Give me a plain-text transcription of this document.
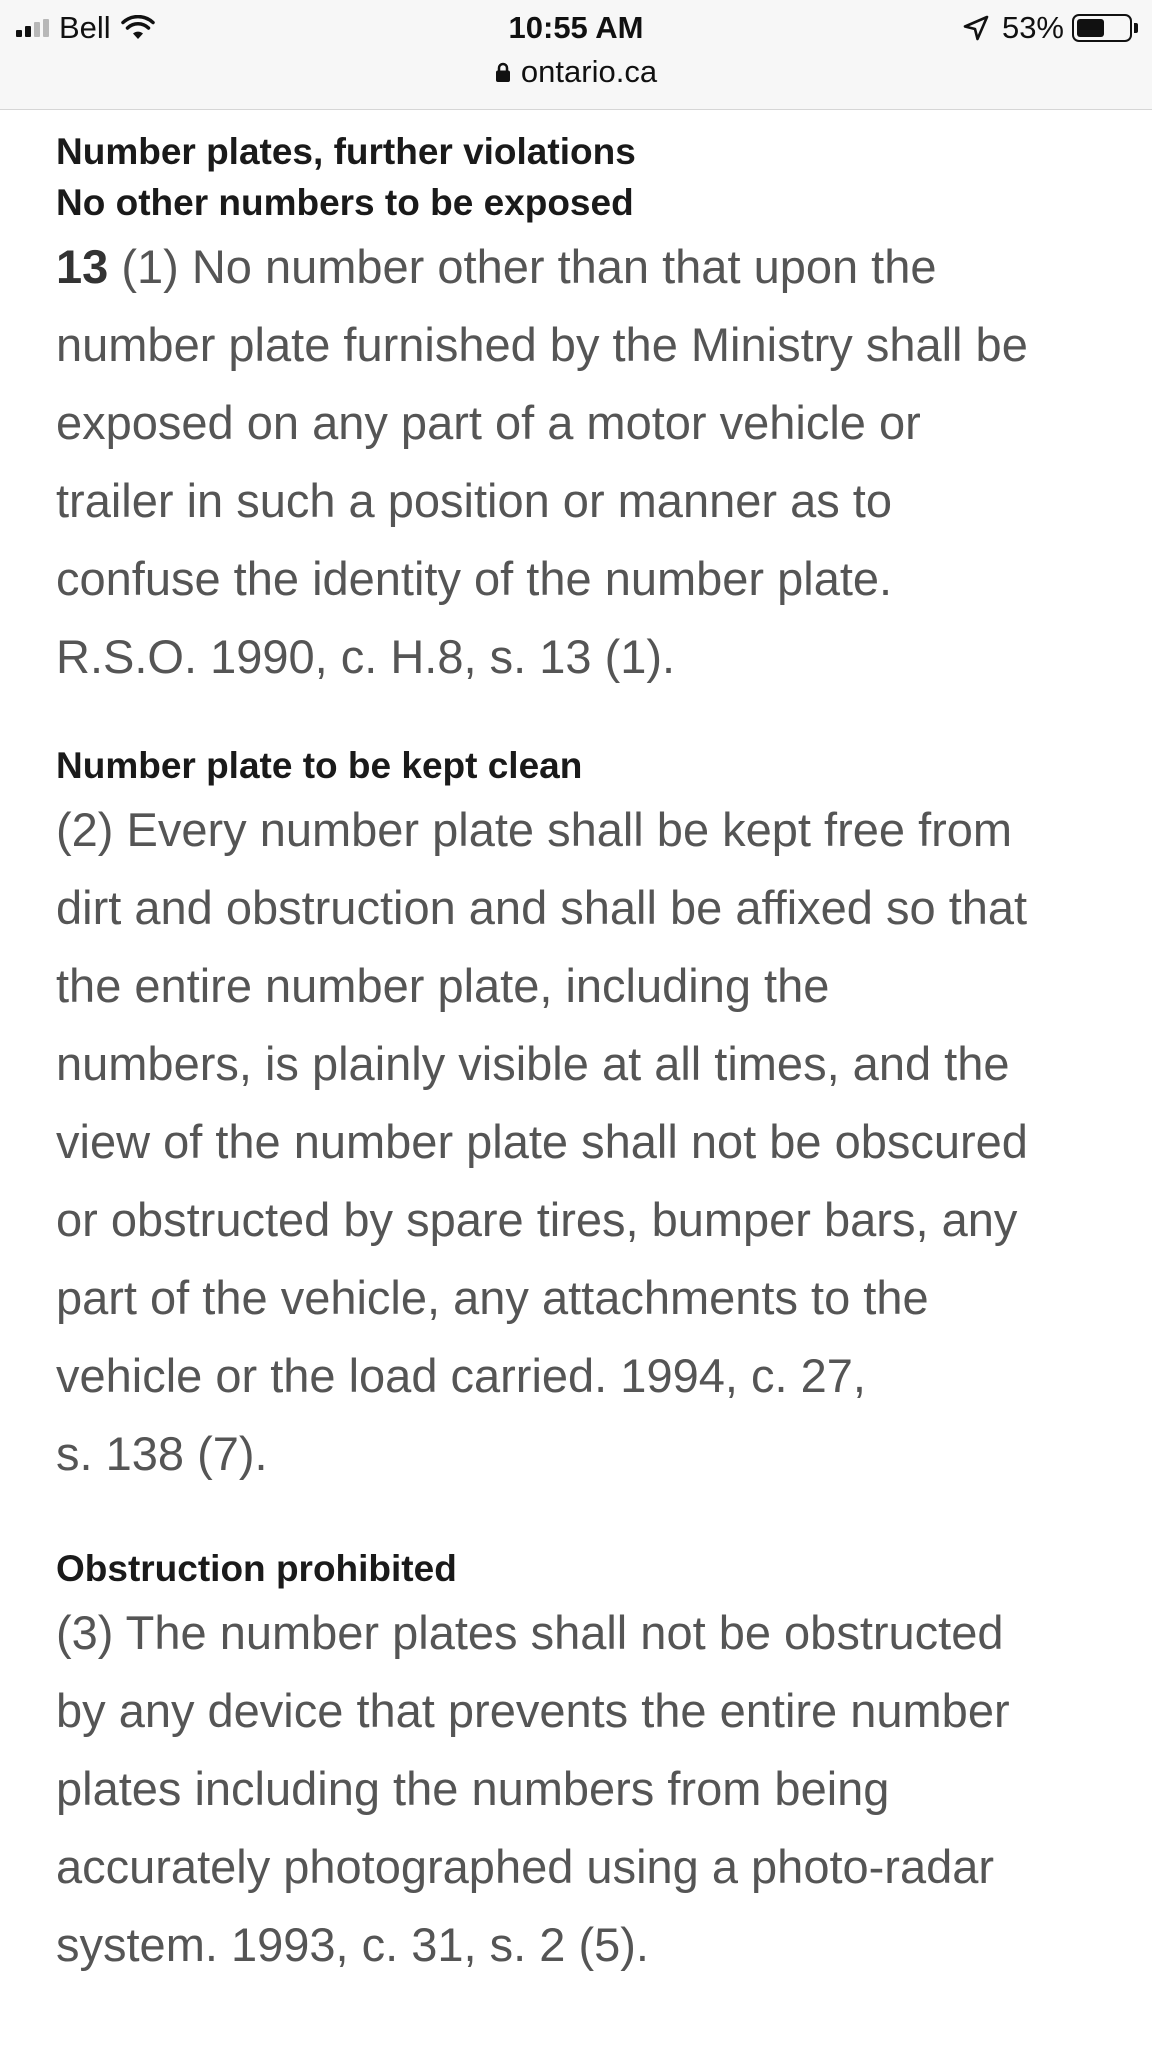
Bell	10:55 AM
ontario.ca
53%

Number plates, further violations

No other numbers to be exposed

13 (1) No number other than that upon the
number plate furnished by the Ministry shall be
exposed on any part of a motor vehicle or
trailer in such a position or manner as to
confuse the identity of the number plate.
R.S.O. 1990, c. H.8, s. 13 (1).

Number plate to be kept clean

(2) Every number plate shall be kept free from
dirt and obstruction and shall be affixed so that
the entire number plate, including the
numbers, is plainly visible at all times, and the
view of the number plate shall not be obscured
or obstructed by spare tires, bumper bars, any
part of the vehicle, any attachments to the
vehicle or the load carried. 1994, c. 27,
s. 138 (7).

Obstruction prohibited

(3) The number plates shall not be obstructed
by any device that prevents the entire number
plates including the numbers from being
accurately photographed using a photo-radar
system. 1993, c. 31, s. 2 (5).
